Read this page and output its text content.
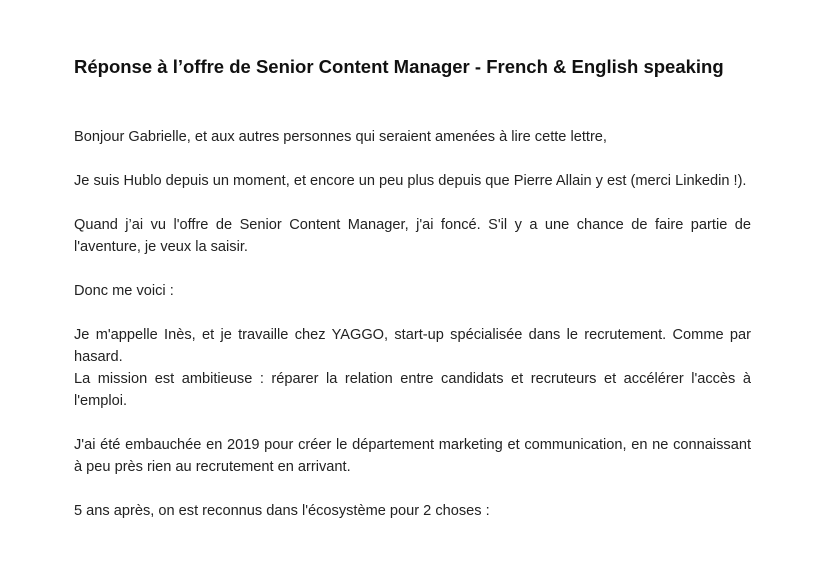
Réponse à l’offre de Senior Content Manager - French & English speaking

Bonjour Gabrielle, et aux autres personnes qui seraient amenées à lire cette lettre,

Je suis Hublo depuis un moment, et encore un peu plus depuis que Pierre Allain y est (merci Linkedin !).

Quand j’ai vu l'offre de Senior Content Manager, j'ai foncé. S'il y a une chance de faire partie de l'aventure, je veux la saisir.

Donc me voici :

Je m'appelle Inès, et je travaille chez YAGGO, start-up spécialisée dans le recrutement. Comme par hasard.

La mission est ambitieuse : réparer la relation entre candidats et recruteurs et accélérer l'accès à l'emploi.

J'ai été embauchée en 2019 pour créer le département marketing et communication, en ne connaissant à peu près rien au recrutement en arrivant.

5 ans après, on est reconnus dans l'écosystème pour 2 choses :
